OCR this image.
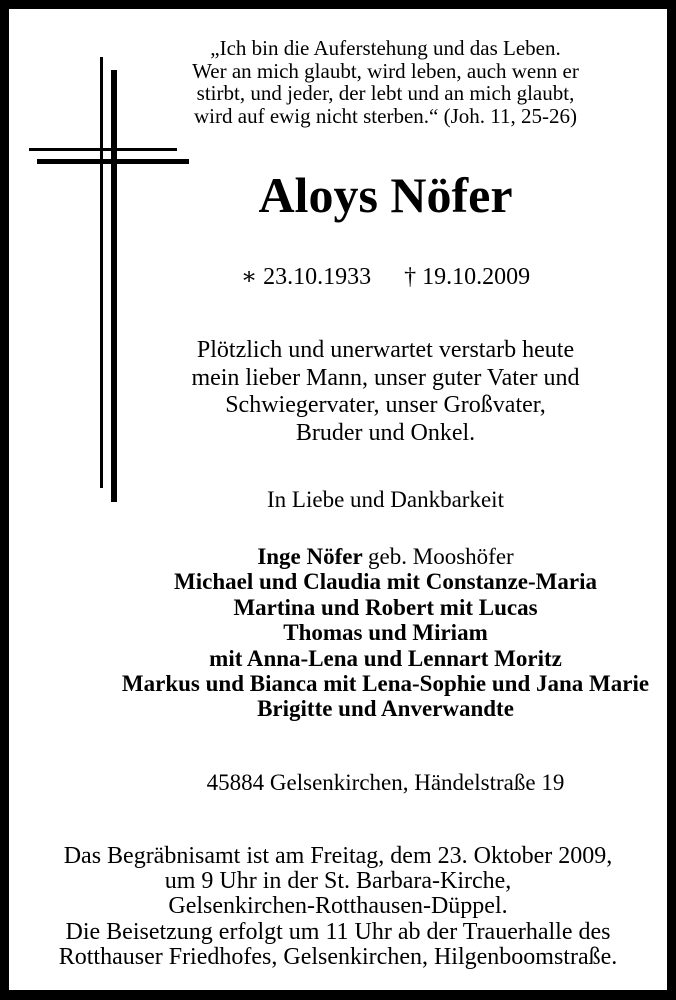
„Ich bin die Auferstehung und das Leben.
Wer an mich glaubt, wird leben, auch wenn er
stirbt, und jeder, der lebt und an mich glaubt,
wird auf ewig nicht sterben.“ (Joh. 11, 25-26)
Aloys Nöfer
∗ 23.10.1933 † 19.10.2009
Plötzlich und unerwartet verstarb heute
mein lieber Mann, unser guter Vater und
Schwiegervater, unser Großvater,
Bruder und Onkel.
In Liebe und Dankbarkeit
Inge Nöfer geb. Mooshöfer
Michael und Claudia mit Constanze-Maria
Martina und Robert mit Lucas
Thomas und Miriam
mit Anna-Lena und Lennart Moritz
Markus und Bianca mit Lena-Sophie und Jana Marie
Brigitte und Anverwandte
45884 Gelsenkirchen, Händelstraße 19
Das Begräbnisamt ist am Freitag, dem 23. Oktober 2009,
um 9 Uhr in der St. Barbara-Kirche,
Gelsenkirchen-Rotthausen-Düppel.
Die Beisetzung erfolgt um 11 Uhr ab der Trauerhalle des
Rotthauser Friedhofes, Gelsenkirchen, Hilgenboomstraße.
